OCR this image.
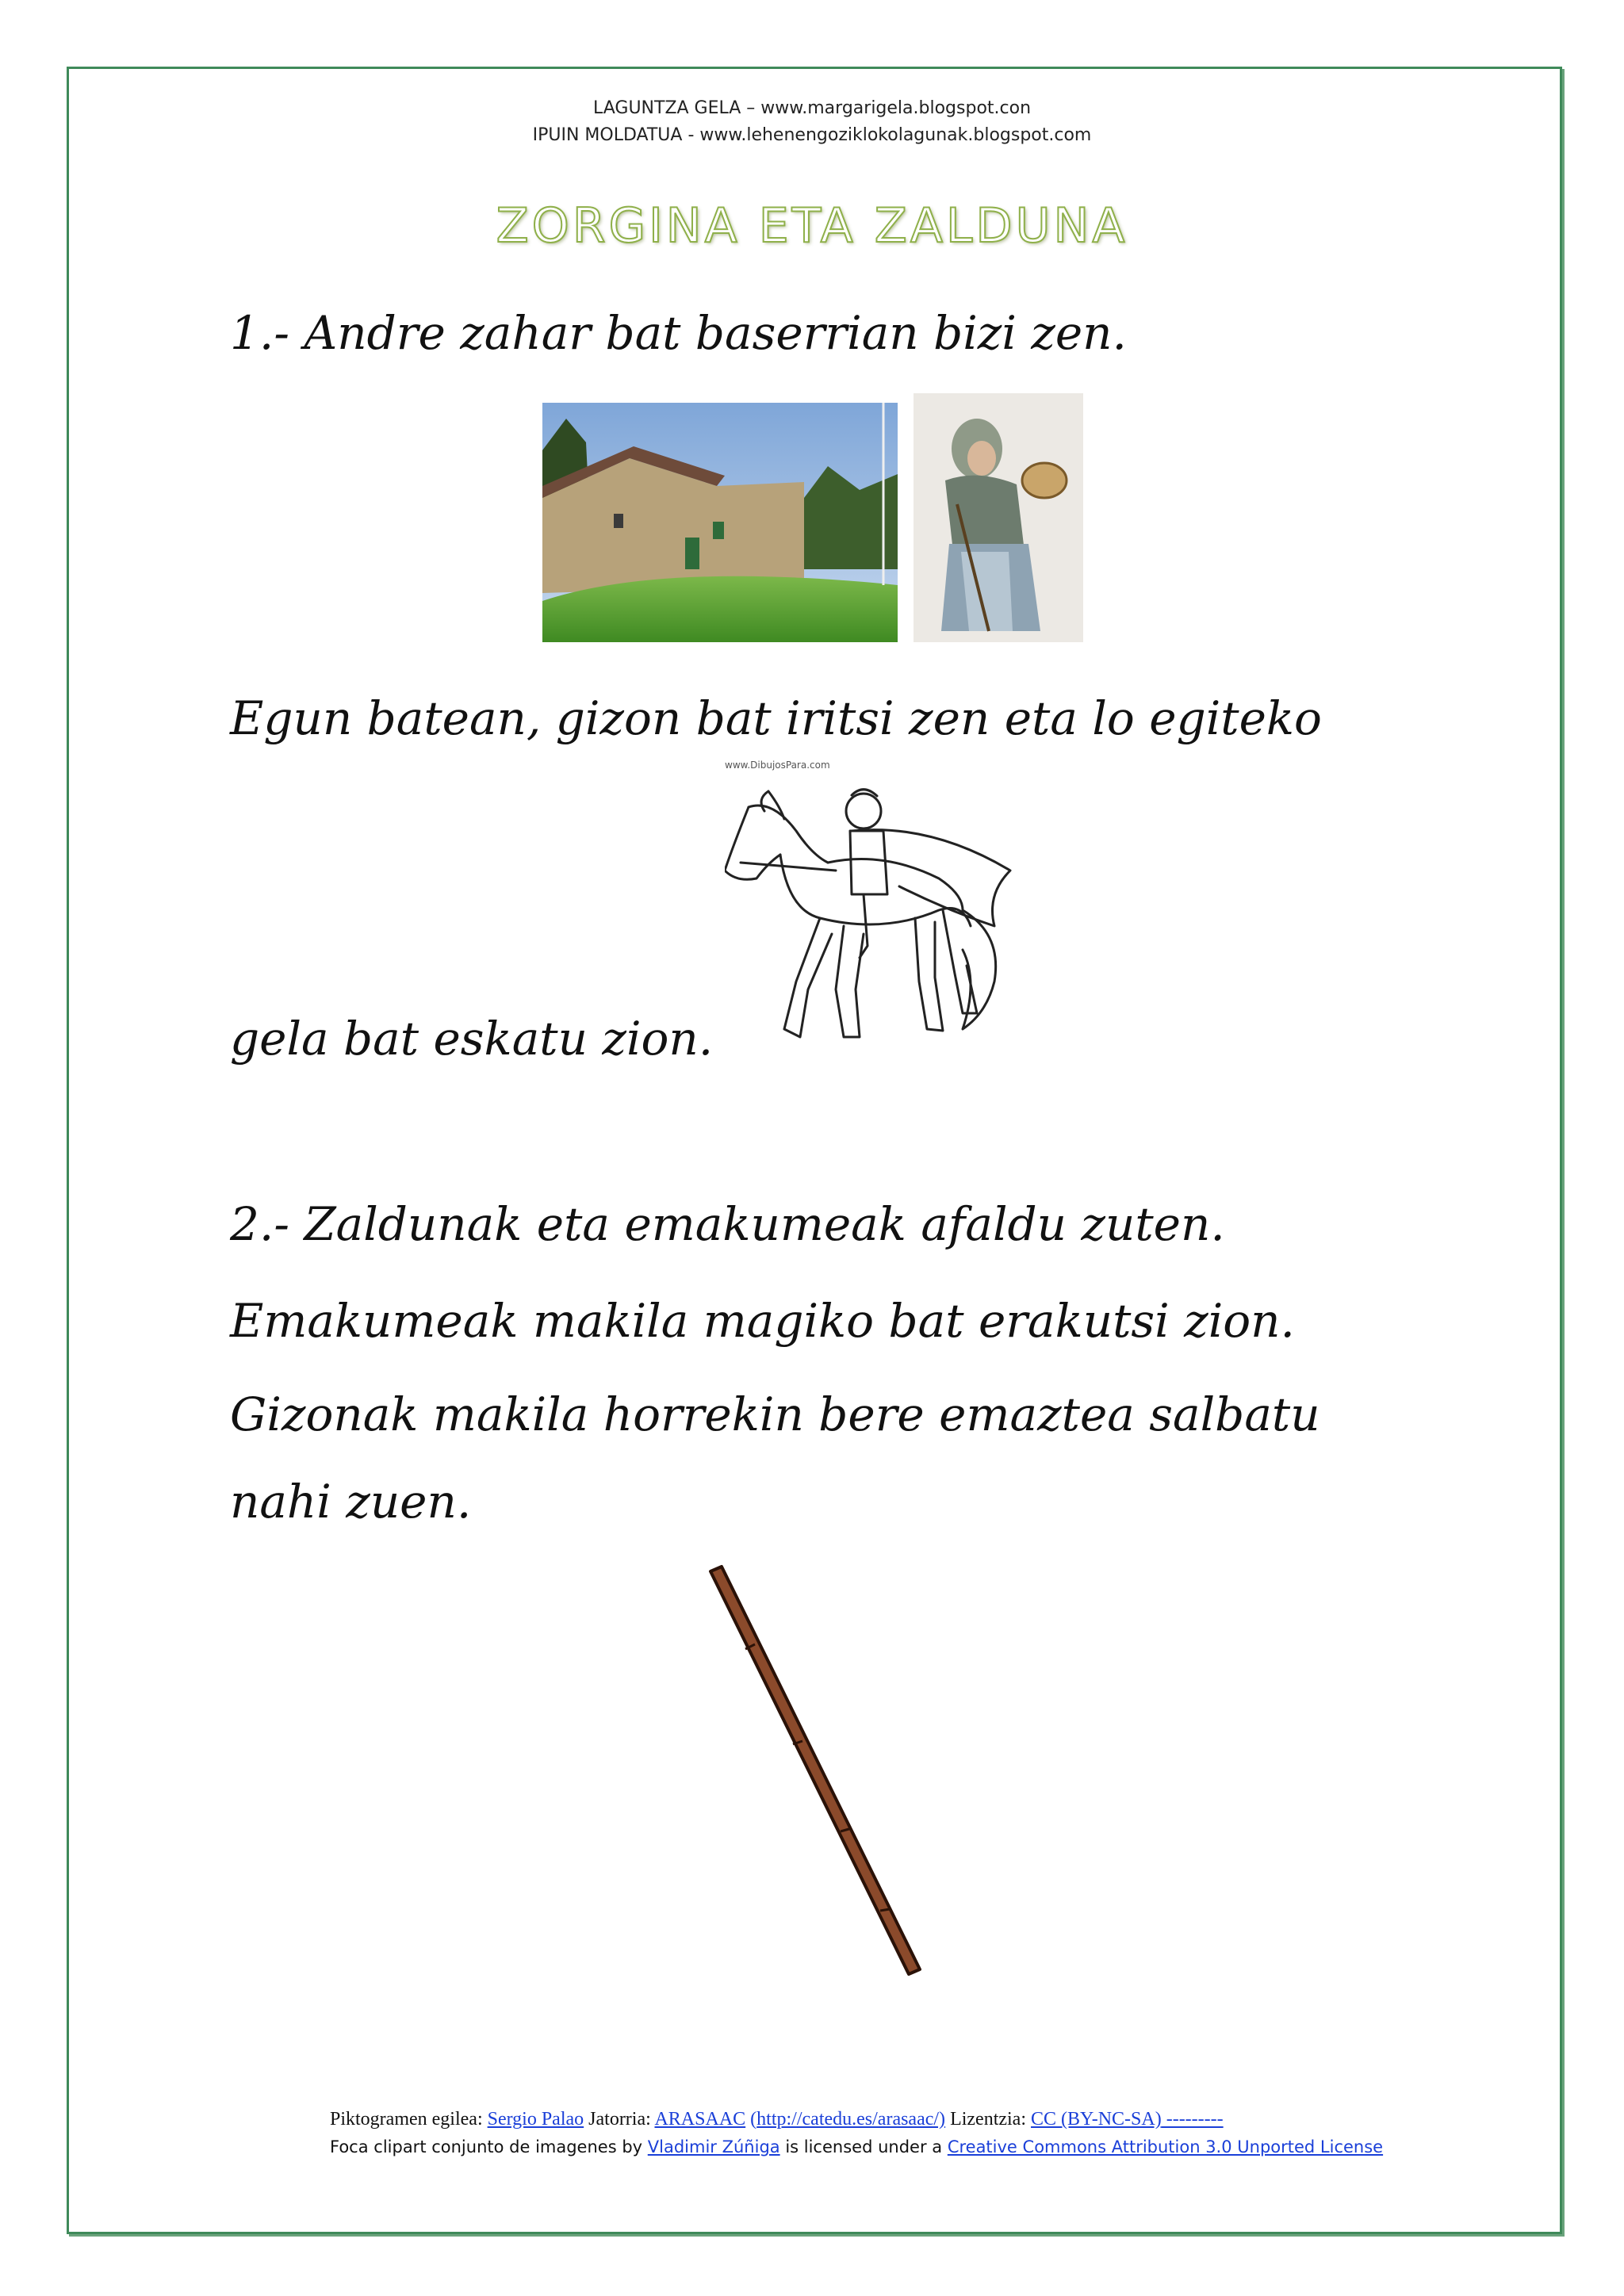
LAGUNTZA GELA – www.margarigela.blogspot.con
IPUIN MOLDATUA - www.lehenengoziklokolagunak.blogspot.com
ZORGINA ETA ZALDUNA
1.- Andre zahar bat baserrian bizi zen.
Egun batean, gizon bat iritsi zen eta lo egiteko
www.DibujosPara.com
gela bat eskatu zion.
2.- Zaldunak eta emakumeak afaldu zuten.
Emakumeak makila magiko bat erakutsi zion.
Gizonak makila horrekin bere emaztea salbatu
nahi zuen.
Piktogramen egilea: Sergio Palao Jatorria: ARASAAC (http://catedu.es/arasaac/) Lizentzia: CC (BY-NC-SA) ---------
Foca clipart conjunto de imagenes by Vladimir Zúñiga is licensed under a Creative Commons Attribution 3.0 Unported License
